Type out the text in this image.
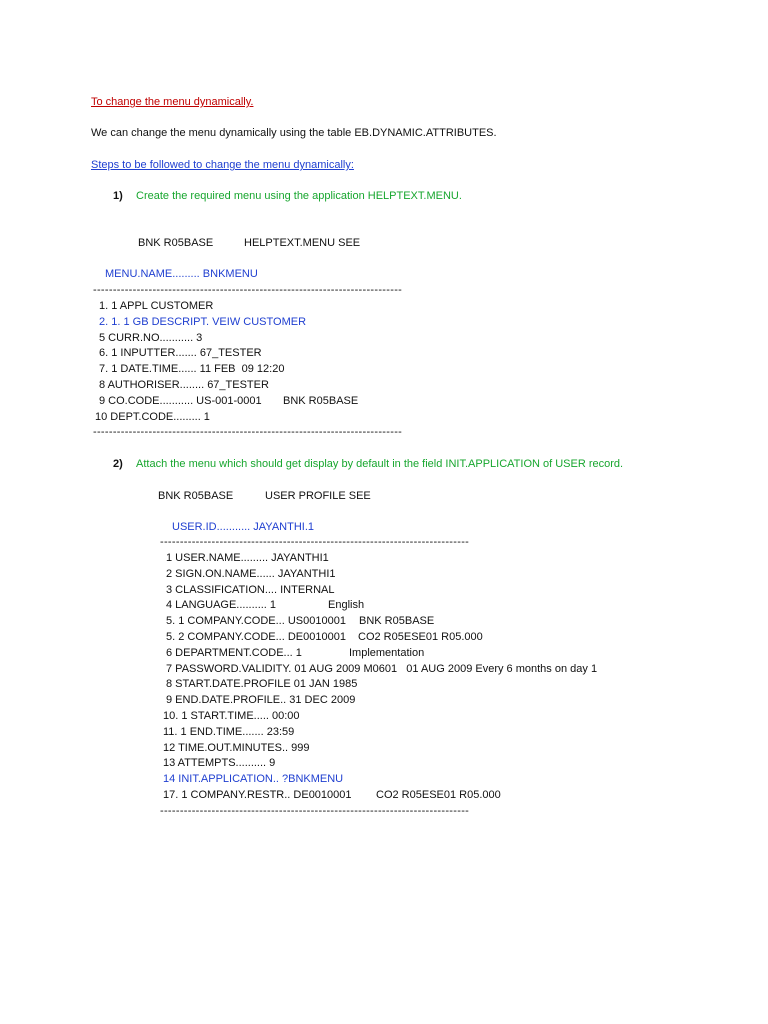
To change the menu dynamically.
We can change the menu dynamically using the table EB.DYNAMIC.ATTRIBUTES.
Steps to be followed to change the menu dynamically:
1) Create the required menu using the application HELPTEXT.MENU.
BNK R05BASE	HELPTEXT.MENU SEE
MENU.NAME......... BNKMENU
------------------------------------------------------------------------------
1. 1 APPL CUSTOMER
2. 1. 1 GB DESCRIPT. VEIW CUSTOMER
5 CURR.NO........... 3
6. 1 INPUTTER....... 67_TESTER
7. 1 DATE.TIME...... 11 FEB  09 12:20
8 AUTHORISER........ 67_TESTER
9 CO.CODE........... US-001-0001 BNK R05BASE
10 DEPT.CODE......... 1
------------------------------------------------------------------------------
2) Attach the menu which should get display by default in the field INIT.APPLICATION of USER record.
BNK R05BASE	USER PROFILE SEE
USER.ID........... JAYANTHI.1
------------------------------------------------------------------------------
1 USER.NAME......... JAYANTHI1
2 SIGN.ON.NAME...... JAYANTHI1
3 CLASSIFICATION.... INTERNAL
4 LANGUAGE.......... 1	English
5. 1 COMPANY.CODE... US0010001 BNK R05BASE
5. 2 COMPANY.CODE... DE0010001 CO2 R05ESE01 R05.000
6 DEPARTMENT.CODE... 1	Implementation
7 PASSWORD.VALIDITY. 01 AUG 2009 M0601   01 AUG 2009 Every 6 months on day 1
8 START.DATE.PROFILE 01 JAN 1985
9 END.DATE.PROFILE.. 31 DEC 2009
10. 1 START.TIME..... 00:00
11. 1 END.TIME....... 23:59
12 TIME.OUT.MINUTES.. 999
13 ATTEMPTS.......... 9
14 INIT.APPLICATION.. ?BNKMENU
17. 1 COMPANY.RESTR.. DE0010001 CO2 R05ESE01 R05.000
------------------------------------------------------------------------------
